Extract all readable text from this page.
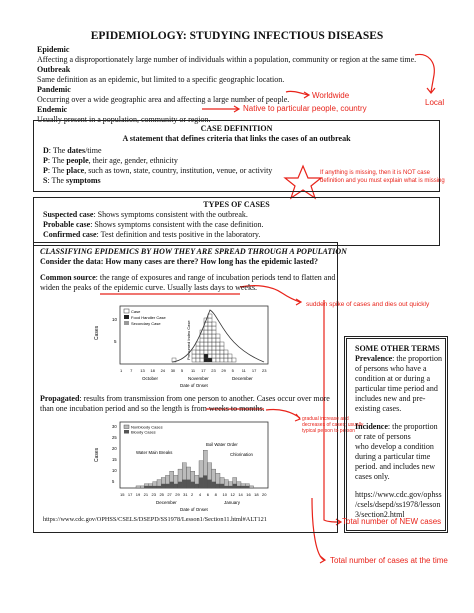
EPIDEMIOLOGY: STUDYING INFECTIOUS DISEASES
Epidemic
Affecting a disproportionately large number of individuals within a population, community or region at the same time.
Outbreak
Same definition as an epidemic, but limited to a specific geographic location.
Pandemic
Occurring over a wide geographic area and affecting a large number of people.
Endemic
Usually present in a population, community or region.
Local
Worldwide
Native to particular people, country
CASE DEFINITION
A statement that defines criteria that links the cases of an outbreak
D: The dates/time
P: The people, their age, gender, ethnicity
P: The place, such as town, state, country, institution, venue, or activity
S: The symptoms
If anything is missing, then it is NOT case
definition and you must explain what is missing
TYPES OF CASES
Suspected case: Shows symptoms consistent with the outbreak.
Probable case: Shows symptoms consistent with the case definition.
Confirmed case: Test definition and tests positive in the laboratory.
CLASSIFYING EPIDEMICS BY HOW THEY ARE SPREAD THROUGH A POPULATION
Consider the data: How many cases are there? How long has the epidemic lasted?
Common source: the range of exposures and range of incubation periods tend to flatten and
widen the peaks of the epidemic curve. Usually lasts days to weeks.
sudden spike of cases and dies out quickly
Cases
10
5
Case
Food Handler Case
Secondary Case	Presumed Index Case
1 7 13 18 24 30 5 11 17 23 29 5 11 17 23
October	November	December
Date of Onset
Propagated: results from transmission from one person to another. Cases occur over more
than one incubation period and so the length is from weeks to months.
gradual increase and
decreases of cases; usually
typical person to person
Cases
30
25
20
15
10
5
Nonbloody Cases
Bloody Cases
Water Main Breaks
Boil Water Order
Chlorination
15 17 19 21 23 25 27 29 31 2 4 6 8 10 12 14 16 18 20
December	January
Date of Onset
https://www.cdc.gov/OPHSS/CSELS/DSEPD/SS1978/Lesson1/Section11.html#ALT121
SOME OTHER TERMS
Prevalence: the proportion
of persons who have a
condition at or during a
particular time period and
includes new and pre-
existing cases.
Incidence: the proportion
or rate of persons
who develop a condition
during a particular time
period. and includes new
cases only.
https://www.cdc.gov/ophss
/csels/dsepd/ss1978/lesson
3/section2.html
Total number of NEW cases
Total number of cases at the time
